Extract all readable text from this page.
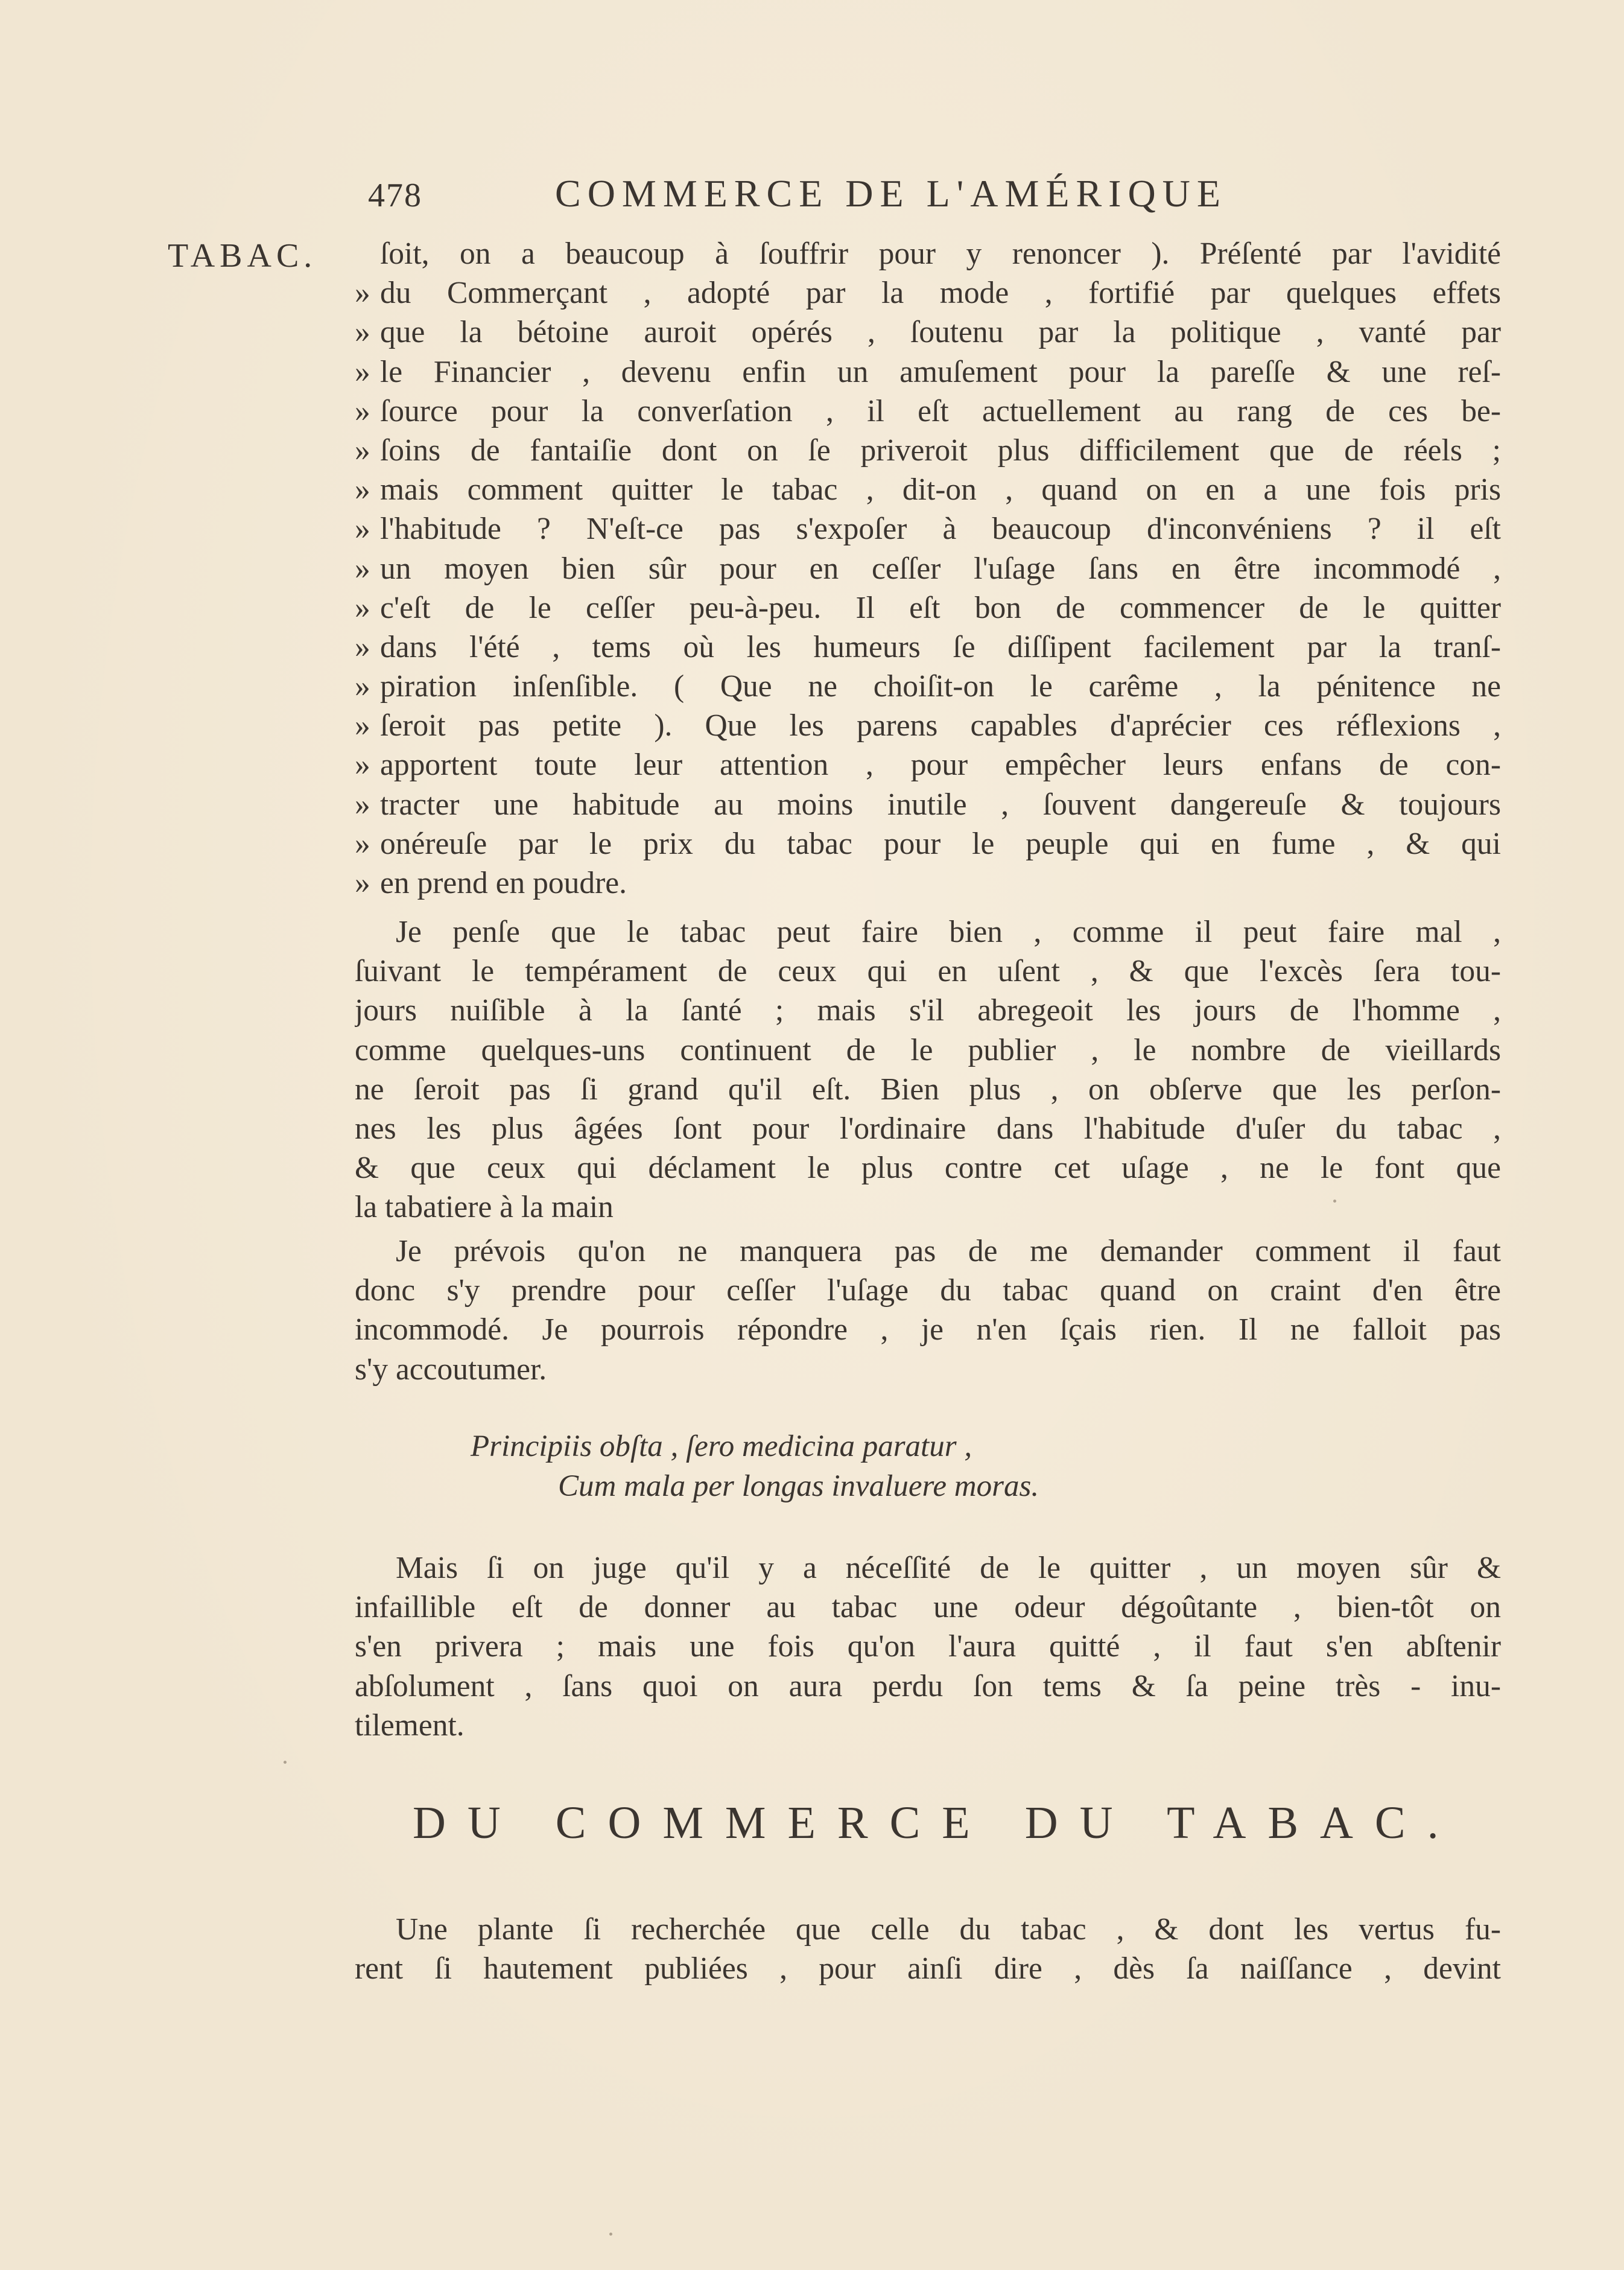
478	COMMERCE DE L'AMÉRIQUE
TABAC.	ſoit, on a beaucoup à ſouffrir pour y renoncer ). Préſenté par l'avidité
» du Commerçant , adopté par la mode , fortifié par quelques effets
» que la bétoine auroit opérés , ſoutenu par la politique , vanté par
» le Financier , devenu enfin un amuſement pour la pareſſe & une reſ-
» ſource pour la converſation , il eſt actuellement au rang de ces be-
» ſoins de fantaiſie dont on ſe priveroit plus difficilement que de réels ;
» mais comment quitter le tabac , dit-on , quand on en a une fois pris
» l'habitude ? N'eſt-ce pas s'expoſer à beaucoup d'inconvéniens ? il eſt
» un moyen bien sûr pour en ceſſer l'uſage ſans en être incommodé ,
» c'eſt de le ceſſer peu-à-peu. Il eſt bon de commencer de le quitter
» dans l'été , tems où les humeurs ſe diſſipent facilement par la tranſ-
» piration inſenſible. ( Que ne choiſit-on le carême , la pénitence ne
» ſeroit pas petite ). Que les parens capables d'aprécier ces réflexions ,
» apportent toute leur attention , pour empêcher leurs enfans de con-
» tracter une habitude au moins inutile , ſouvent dangereuſe & toujours
» onéreuſe par le prix du tabac pour le peuple qui en fume , & qui
» en prend en poudre.
Je penſe que le tabac peut faire bien , comme il peut faire mal ,
ſuivant le tempérament de ceux qui en uſent , & que l'excès ſera tou-
jours nuiſible à la ſanté ; mais s'il abregeoit les jours de l'homme ,
comme quelques-uns continuent de le publier , le nombre de vieillards
ne ſeroit pas ſi grand qu'il eſt. Bien plus , on obſerve que les perſon-
nes les plus âgées ſont pour l'ordinaire dans l'habitude d'uſer du tabac ,
& que ceux qui déclament le plus contre cet uſage , ne le font que
la tabatiere à la main
Je prévois qu'on ne manquera pas de me demander comment il faut
donc s'y prendre pour ceſſer l'uſage du tabac quand on craint d'en être
incommodé. Je pourrois répondre , je n'en ſçais rien. Il ne falloit pas
s'y accoutumer.
Principiis obſta , ſero medicina paratur ,
Cum mala per longas invaluere moras.
Mais ſi on juge qu'il y a néceſſité de le quitter , un moyen sûr &
infaillible eſt de donner au tabac une odeur dégoûtante , bien-tôt on
s'en privera ; mais une fois qu'on l'aura quitté , il faut s'en abſtenir
abſolument , ſans quoi on aura perdu ſon tems & ſa peine très - inu-
tilement.
DU COMMERCE DU TABAC.
Une plante ſi recherchée que celle du tabac , & dont les vertus fu-
rent ſi hautement publiées , pour ainſi dire , dès ſa naiſſance , devint
